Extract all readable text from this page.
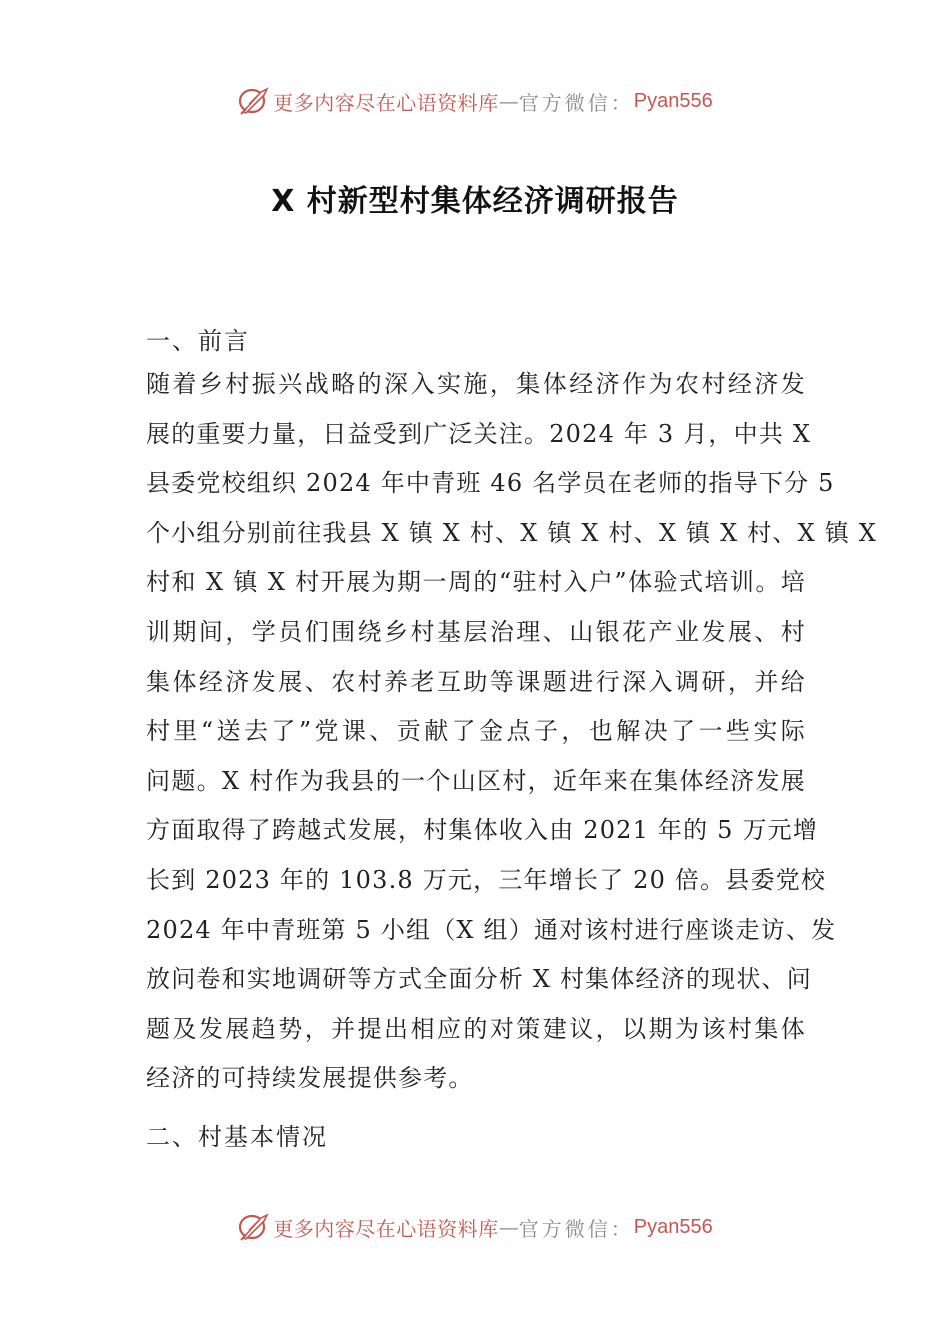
更多内容尽在心语资料库 — 官方微信： Pyan556
X 村新型村集体经济调研报告
一、前言
随着乡村振兴战略的深入实施，集体经济作为农村经济发
展的重要力量，日益受到广泛关注。2024 年 3 月，中共 X
县委党校组织 2024 年中青班 46 名学员在老师的指导下分 5
个小组分别前往我县 X 镇 X 村、X 镇 X 村、X 镇 X 村、X 镇 X
村和 X 镇 X 村开展为期一周的“驻村入户”体验式培训。培
训期间，学员们围绕乡村基层治理、山银花产业发展、村
集体经济发展、农村养老互助等课题进行深入调研，并给
村里“送去了”党课、贡献了金点子，也解决了一些实际
问题。X 村作为我县的一个山区村，近年来在集体经济发展
方面取得了跨越式发展，村集体收入由 2021 年的 5 万元增
长到 2023 年的 103.8 万元，三年增长了 20 倍。县委党校
2024 年中青班第 5 小组（X 组）通对该村进行座谈走访、发
放问卷和实地调研等方式全面分析 X 村集体经济的现状、问
题及发展趋势，并提出相应的对策建议，以期为该村集体
经济的可持续发展提供参考。
二、村基本情况
更多内容尽在心语资料库 — 官方微信： Pyan556
